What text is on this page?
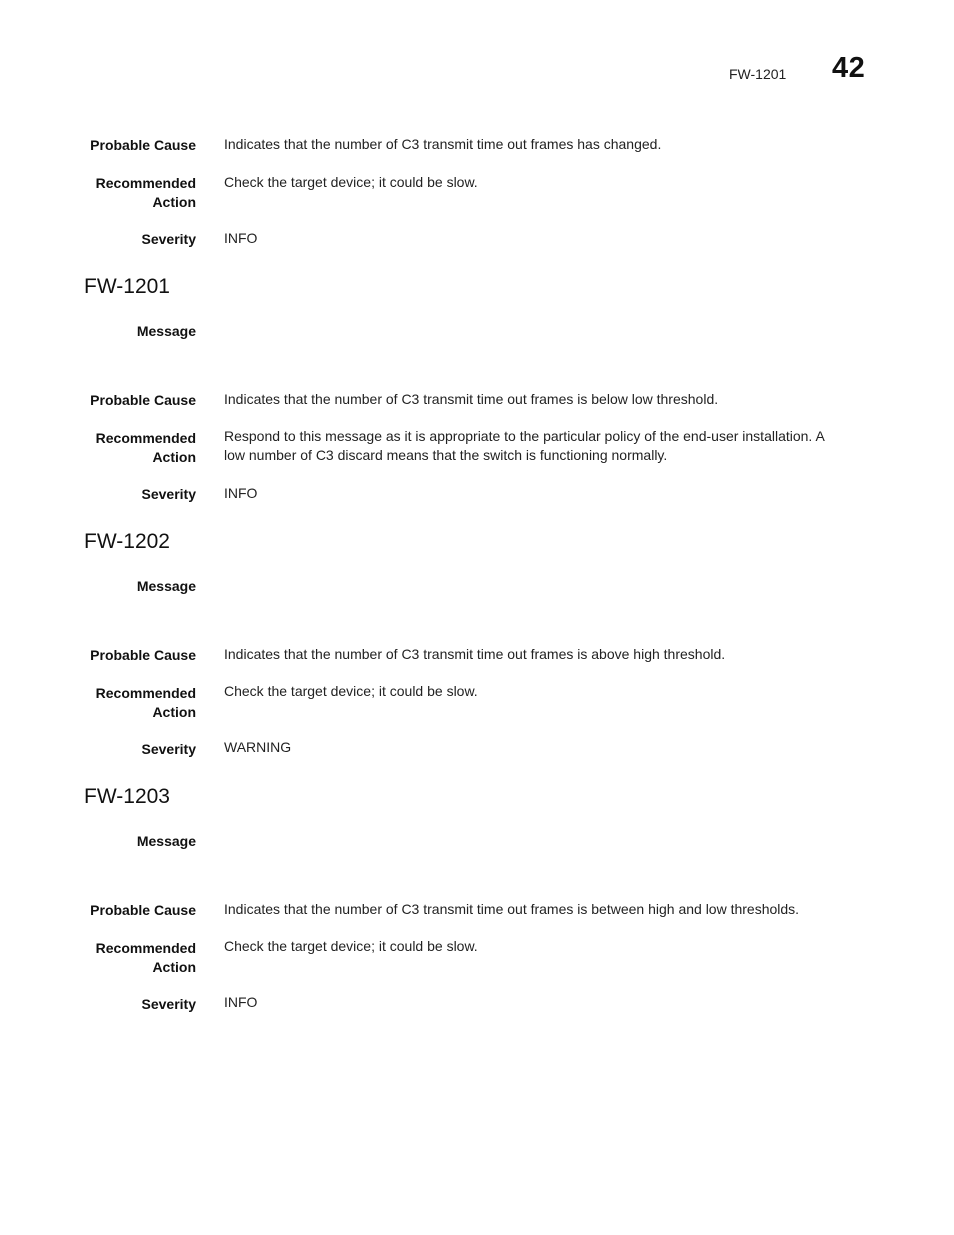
FW-1201 42
Probable Cause Indicates that the number of C3 transmit time out frames has changed.
Recommended
Action
Check the target device; it could be slow.
Severity INFO
FW-1201
Message
Probable Cause Indicates that the number of C3 transmit time out frames is below low threshold.
Recommended
Action
Respond to this message as it is appropriate to the particular policy of the end-user installation. A
low number of C3 discard means that the switch is functioning normally.
Severity INFO
FW-1202
Message
Probable Cause Indicates that the number of C3 transmit time out frames is above high threshold.
Recommended
Action
Check the target device; it could be slow.
Severity WARNING
FW-1203
Message
Probable Cause Indicates that the number of C3 transmit time out frames is between high and low thresholds.
Recommended
Action
Check the target device; it could be slow.
Severity INFO
